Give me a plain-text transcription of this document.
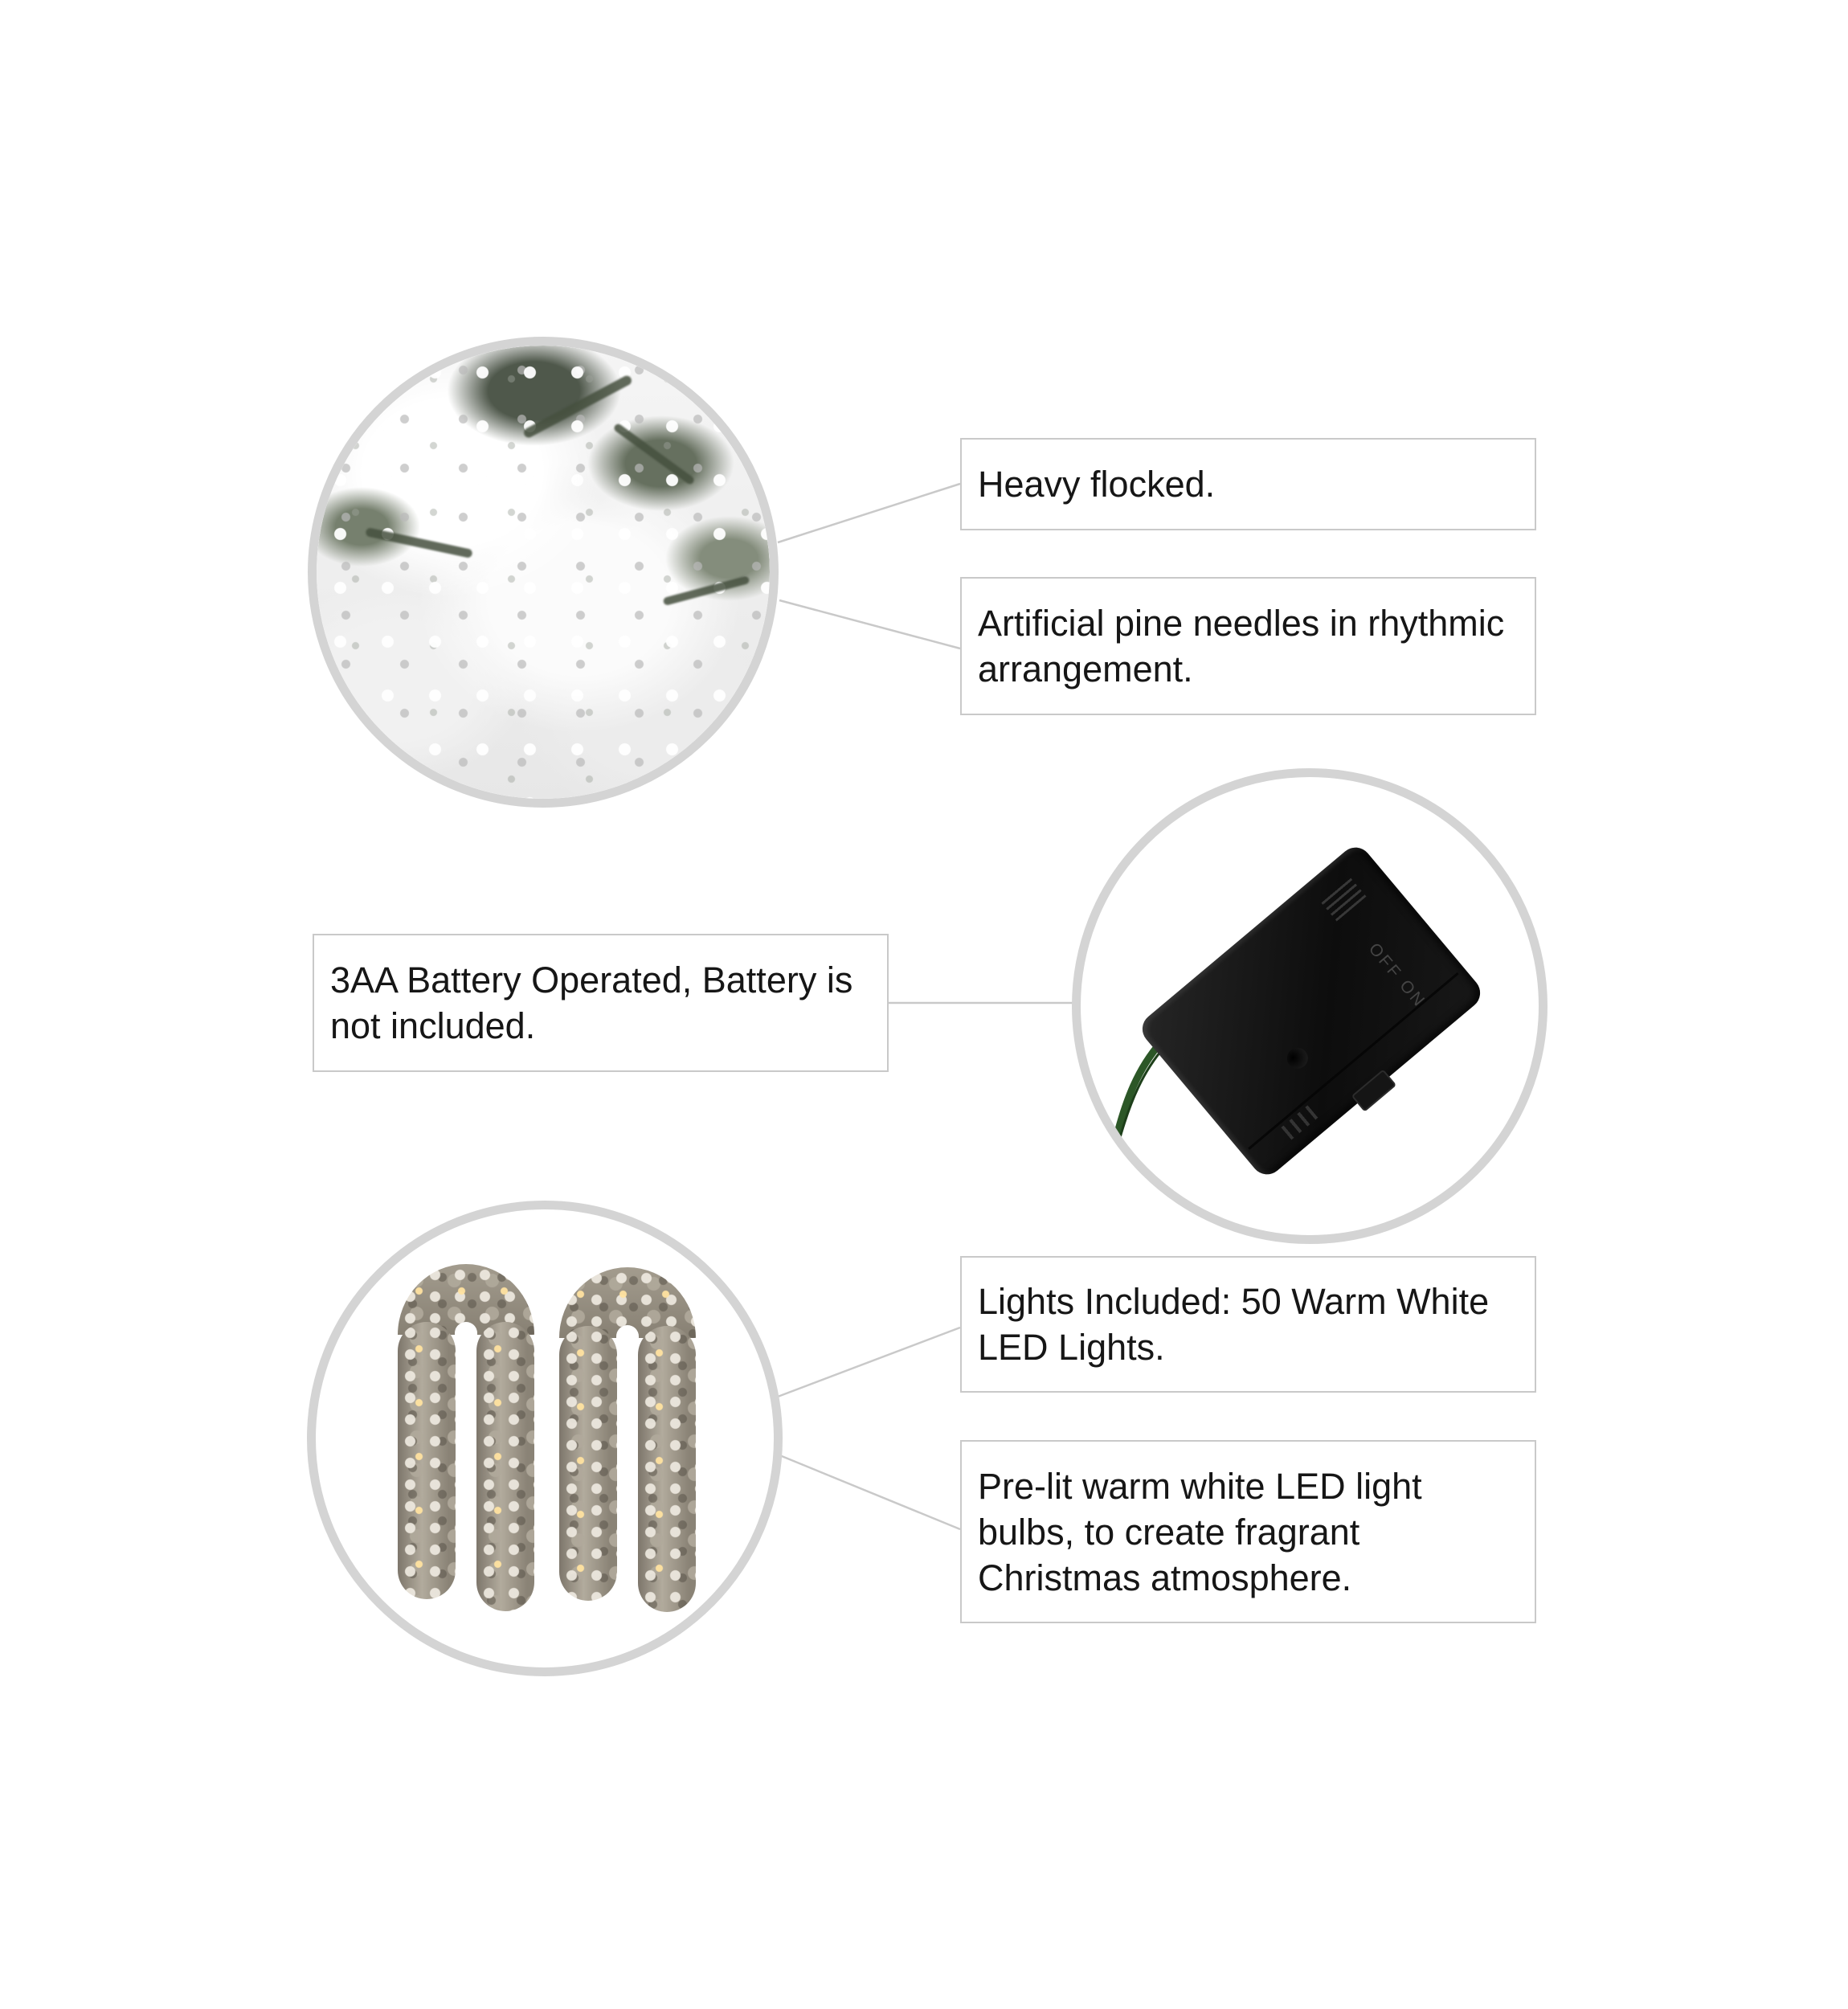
OFF ON
Heavy flocked.
Artificial pine needles in rhythmic arrangement.
3AA Battery Operated, Battery is not included.
Lights Included: 50 Warm White LED Lights.
Pre-lit warm white LED light bulbs, to create fragrant Christmas atmosphere.
